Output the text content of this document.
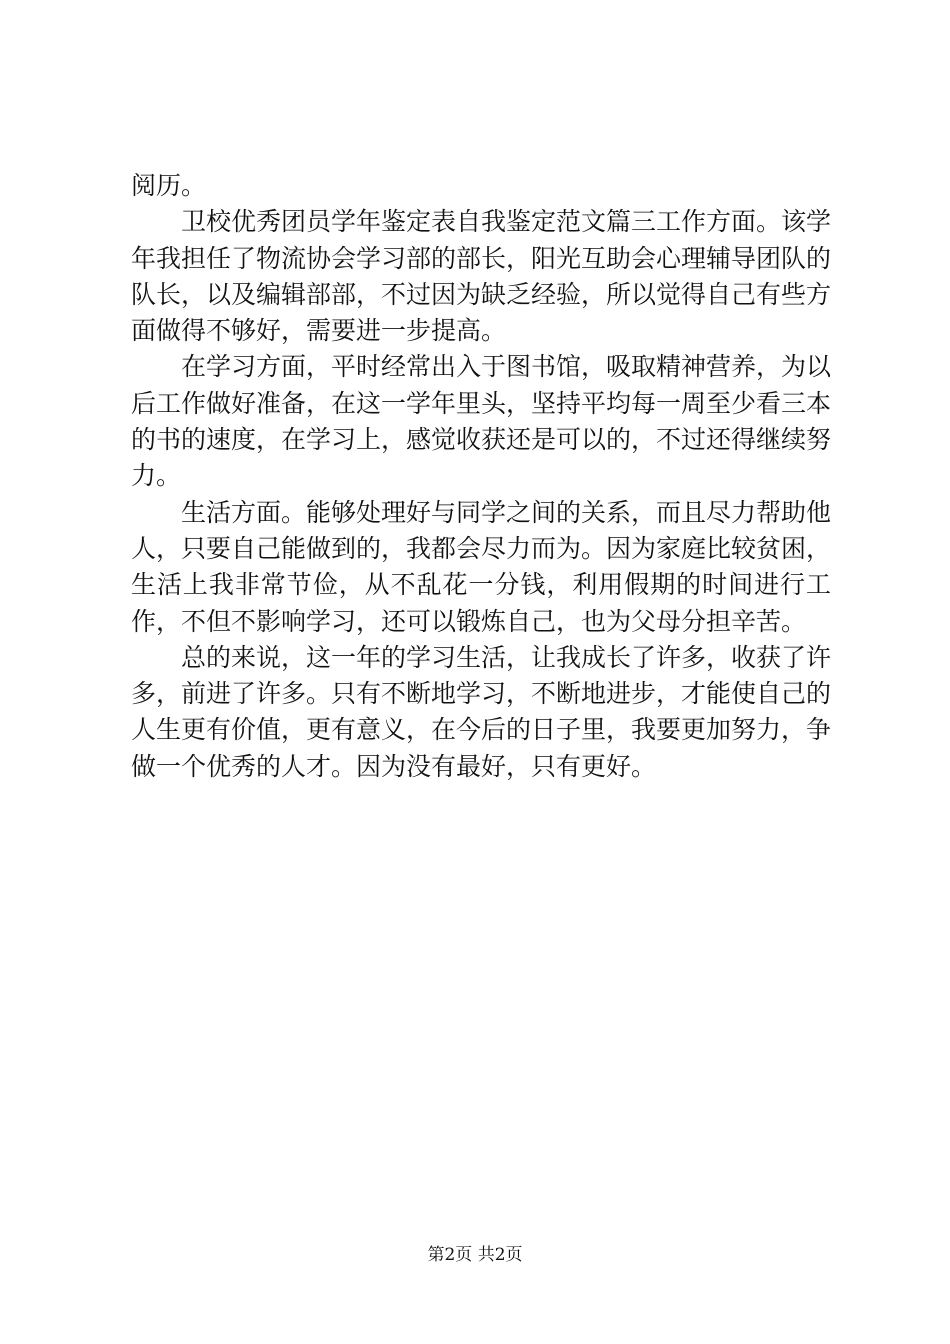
阅历。

卫校优秀团员学年鉴定表自我鉴定范文篇三工作方面。该学年我担任了物流协会学习部的部长，阳光互助会心理辅导团队的队长，以及编辑部部，不过因为缺乏经验，所以觉得自己有些方面做得不够好，需要进一步提高。

在学习方面，平时经常出入于图书馆，吸取精神营养，为以后工作做好准备，在这一学年里头，坚持平均每一周至少看三本的书的速度，在学习上，感觉收获还是可以的，不过还得继续努力。

生活方面。能够处理好与同学之间的关系，而且尽力帮助他人，只要自己能做到的，我都会尽力而为。因为家庭比较贫困，生活上我非常节俭，从不乱花一分钱，利用假期的时间进行工作，不但不影响学习，还可以锻炼自己，也为父母分担辛苦。

总的来说，这一年的学习生活，让我成长了许多，收获了许多，前进了许多。只有不断地学习，不断地进步，才能使自己的人生更有价值，更有意义，在今后的日子里，我要更加努力，争做一个优秀的人才。因为没有最好，只有更好。

第2页 共2页
